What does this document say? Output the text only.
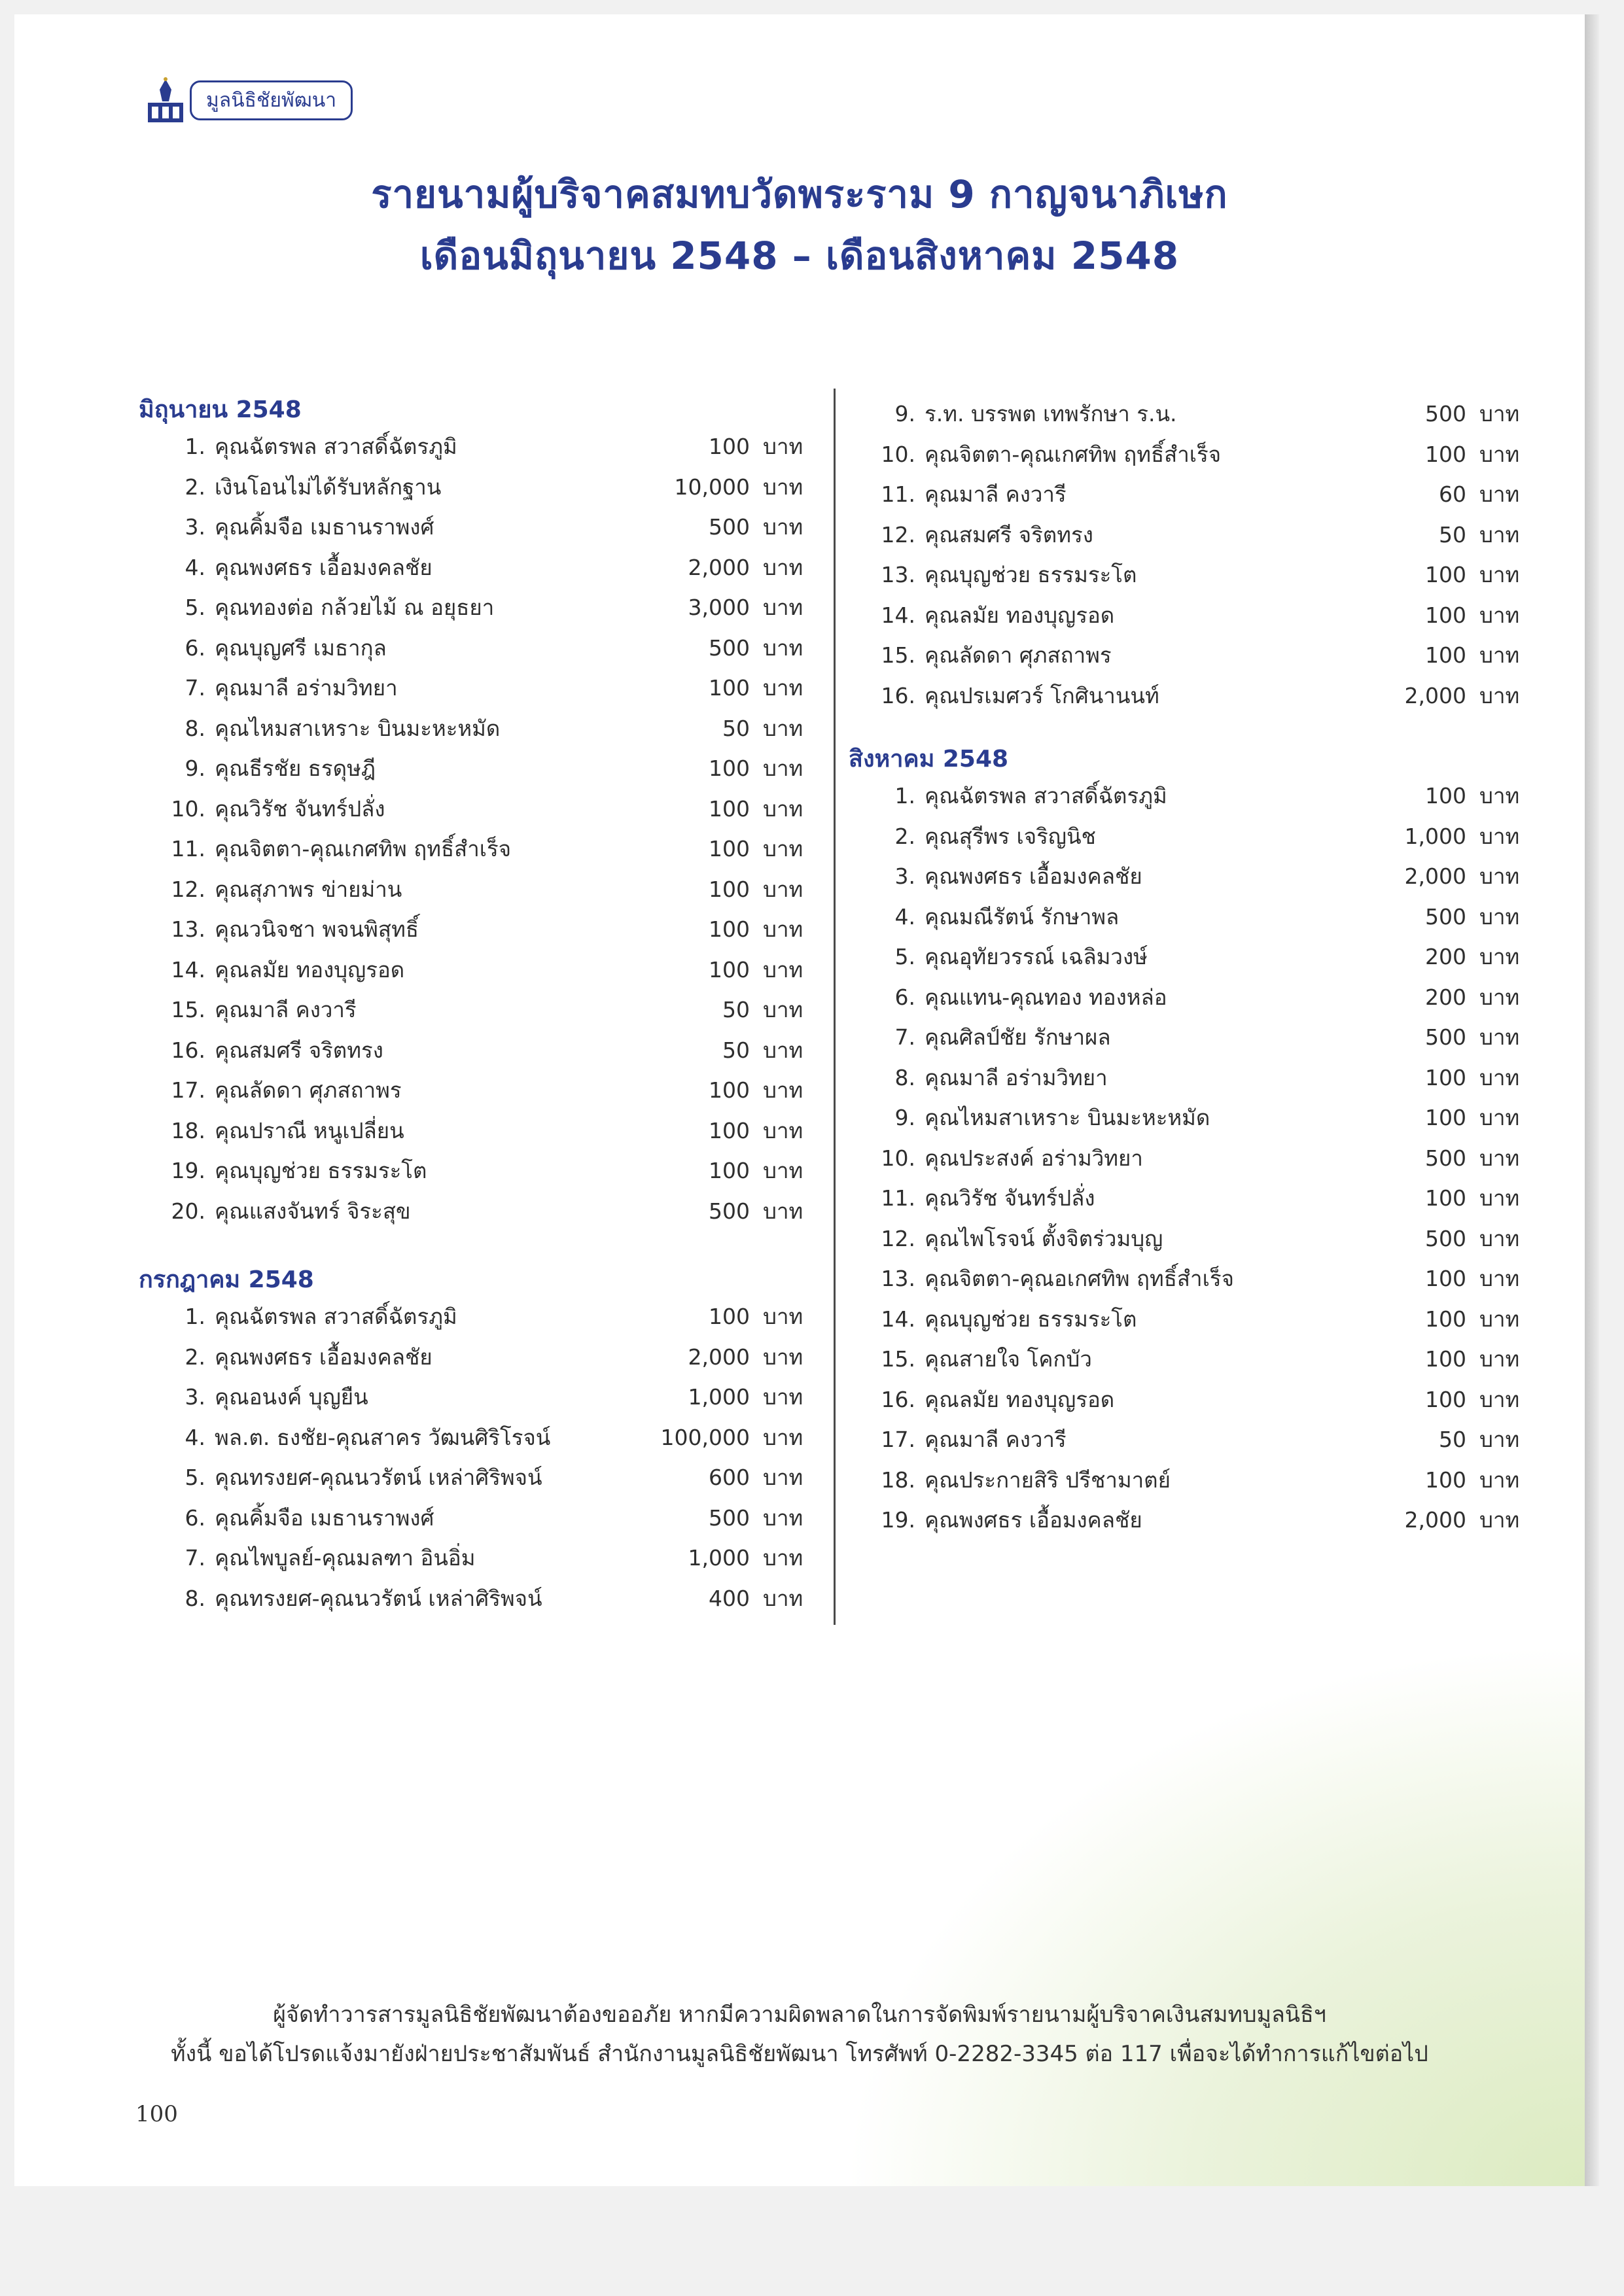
มูลนิธิชัยพัฒนา
รายนามผู้บริจาคสมทบวัดพระราม 9 กาญจนาภิเษก
เดือนมิถุนายน 2548 – เดือนสิงหาคม 2548
มิถุนายน 2548
1. คุณฉัตรพล สวาสดิ์ฉัตรภูมิ	100 บาท
2. เงินโอนไม่ได้รับหลักฐาน	10,000 บาท
3. คุณคิ้มจือ เมธานราพงศ์	500 บาท
4. คุณพงศธร เอื้อมงคลชัย	2,000 บาท
5. คุณทองต่อ กล้วยไม้ ณ อยุธยา	3,000 บาท
6. คุณบุญศรี เมธากุล	500 บาท
7. คุณมาลี อร่ามวิทยา	100 บาท
8. คุณไหมสาเหราะ บินมะหะหมัด	50 บาท
9. คุณธีรชัย ธรดุษฎี	100 บาท
10. คุณวิรัช จันทร์ปลั่ง	100 บาท
11. คุณจิตตา-คุณเกศทิพ ฤทธิ์สำเร็จ	100 บาท
12. คุณสุภาพร ข่ายม่าน	100 บาท
13. คุณวนิจชา พจนพิสุทธิ์	100 บาท
14. คุณลมัย ทองบุญรอด	100 บาท
15. คุณมาลี คงวารี	50 บาท
16. คุณสมศรี จริตทรง	50 บาท
17. คุณลัดดา ศุภสถาพร	100 บาท
18. คุณปราณี หนูเปลี่ยน	100 บาท
19. คุณบุญช่วย ธรรมระโต	100 บาท
20. คุณแสงจันทร์ จิระสุข	500 บาท
กรกฎาคม 2548
1. คุณฉัตรพล สวาสดิ์ฉัตรภูมิ	100 บาท
2. คุณพงศธร เอื้อมงคลชัย	2,000 บาท
3. คุณอนงค์ บุญยืน	1,000 บาท
4. พล.ต. ธงชัย-คุณสาคร วัฒนศิริโรจน์	100,000 บาท
5. คุณทรงยศ-คุณนวรัตน์ เหล่าศิริพจน์	600 บาท
6. คุณคิ้มจือ เมธานราพงศ์	500 บาท
7. คุณไพบูลย์-คุณมลฑา อินอิ่ม	1,000 บาท
8. คุณทรงยศ-คุณนวรัตน์ เหล่าศิริพจน์	400 บาท
9. ร.ท. บรรพต เทพรักษา ร.น.	500 บาท
10. คุณจิตตา-คุณเกศทิพ ฤทธิ์สำเร็จ	100 บาท
11. คุณมาลี คงวารี	60 บาท
12. คุณสมศรี จริตทรง	50 บาท
13. คุณบุญช่วย ธรรมระโต	100 บาท
14. คุณลมัย ทองบุญรอด	100 บาท
15. คุณลัดดา ศุภสถาพร	100 บาท
16. คุณปรเมศวร์ โกศินานนท์	2,000 บาท
สิงหาคม 2548
1. คุณฉัตรพล สวาสดิ์ฉัตรภูมิ	100 บาท
2. คุณสุรีพร เจริญนิช	1,000 บาท
3. คุณพงศธร เอื้อมงคลชัย	2,000 บาท
4. คุณมณีรัตน์ รักษาพล	500 บาท
5. คุณอุทัยวรรณ์ เฉลิมวงษ์	200 บาท
6. คุณแทน-คุณทอง ทองหล่อ	200 บาท
7. คุณศิลป์ชัย รักษาผล	500 บาท
8. คุณมาลี อร่ามวิทยา	100 บาท
9. คุณไหมสาเหราะ บินมะหะหมัด	100 บาท
10. คุณประสงค์ อร่ามวิทยา	500 บาท
11. คุณวิรัช จันทร์ปลั่ง	100 บาท
12. คุณไพโรจน์ ตั้งจิตร่วมบุญ	500 บาท
13. คุณจิตตา-คุณอเกศทิพ ฤทธิ์สำเร็จ	100 บาท
14. คุณบุญช่วย ธรรมระโต	100 บาท
15. คุณสายใจ โคกบัว	100 บาท
16. คุณลมัย ทองบุญรอด	100 บาท
17. คุณมาลี คงวารี	50 บาท
18. คุณประกายสิริ ปรีชามาตย์	100 บาท
19. คุณพงศธร เอื้อมงคลชัย	2,000 บาท
ผู้จัดทำวารสารมูลนิธิชัยพัฒนาต้องขออภัย หากมีความผิดพลาดในการจัดพิมพ์รายนามผู้บริจาคเงินสมทบมูลนิธิฯ
ทั้งนี้ ขอได้โปรดแจ้งมายังฝ่ายประชาสัมพันธ์ สำนักงานมูลนิธิชัยพัฒนา โทรศัพท์ 0-2282-3345 ต่อ 117 เพื่อจะได้ทำการแก้ไขต่อไป
100
